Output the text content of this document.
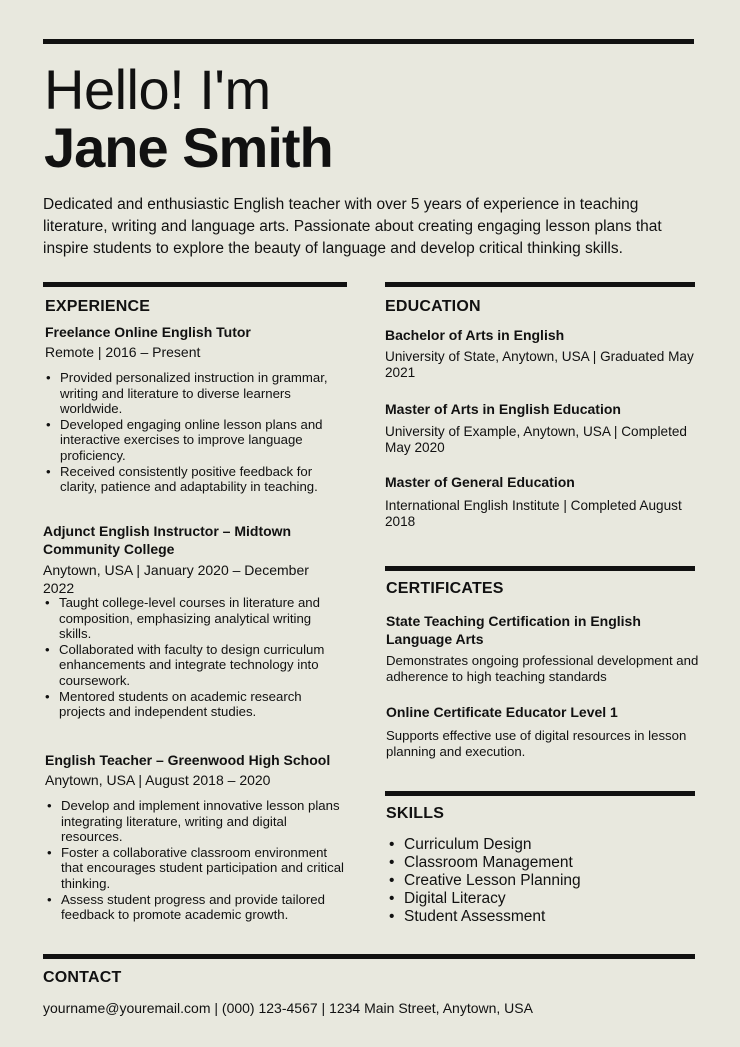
Hello! I'm
Jane Smith
Dedicated and enthusiastic English teacher with over 5 years of experience in teaching literature, writing and language arts. Passionate about creating engaging lesson plans that inspire students to explore the beauty of language and develop critical thinking skills.
EXPERIENCE
Freelance Online English Tutor
Remote | 2016 – Present
• Provided personalized instruction in grammar, writing and literature to diverse learners worldwide.
• Developed engaging online lesson plans and interactive exercises to improve language proficiency.
• Received consistently positive feedback for clarity, patience and adaptability in teaching.
Adjunct English Instructor – Midtown Community College
Anytown, USA | January 2020 – December 2022
• Taught college-level courses in literature and composition, emphasizing analytical writing skills.
• Collaborated with faculty to design curriculum enhancements and integrate technology into coursework.
• Mentored students on academic research projects and independent studies.
English Teacher – Greenwood High School
Anytown, USA | August 2018 – 2020
• Develop and implement innovative lesson plans integrating literature, writing and digital resources.
• Foster a collaborative classroom environment that encourages student participation and critical thinking.
• Assess student progress and provide tailored feedback to promote academic growth.
EDUCATION
Bachelor of Arts in English
University of State, Anytown, USA | Graduated May 2021
Master of Arts in English Education
University of Example, Anytown, USA | Completed May 2020
Master of General Education
International English Institute | Completed August 2018
CERTIFICATES
State Teaching Certification in English Language Arts
Demonstrates ongoing professional development and adherence to high teaching standards
Online Certificate Educator Level 1
Supports effective use of digital resources in lesson planning and execution.
SKILLS
• Curriculum Design
• Classroom Management
• Creative Lesson Planning
• Digital Literacy
• Student Assessment
CONTACT
yourname@youremail.com | (000) 123-4567 | 1234 Main Street, Anytown, USA
